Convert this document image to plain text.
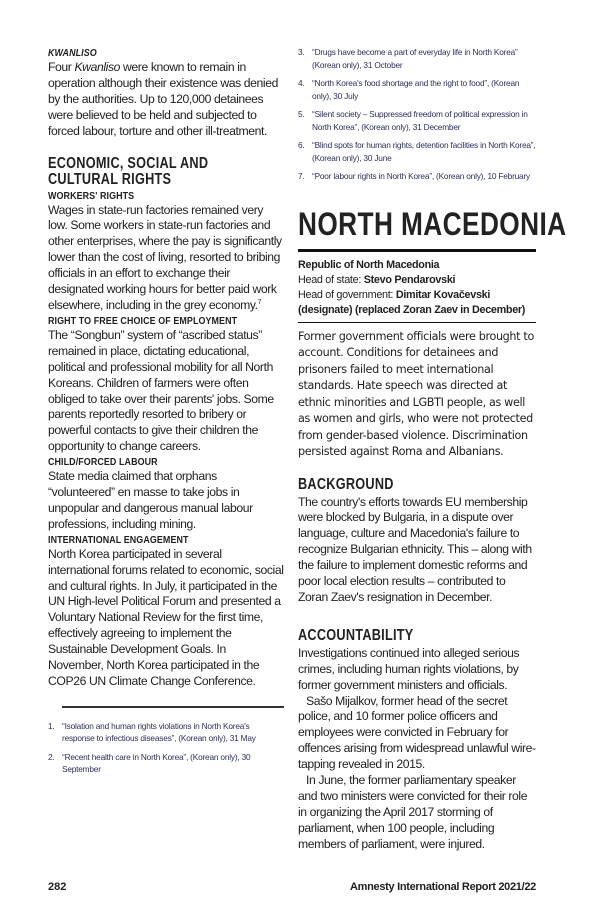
KWANLISO

Four Kwanliso were known to remain in operation although their existence was denied by the authorities. Up to 120,000 detainees were believed to be held and subjected to forced labour, torture and other ill-treatment.

ECONOMIC, SOCIAL AND CULTURAL RIGHTS
WORKERS' RIGHTS

Wages in state-run factories remained very low. Some workers in state-run factories and other enterprises, where the pay is significantly lower than the cost of living, resorted to bribing officials in an effort to exchange their designated working hours for better paid work elsewhere, including in the grey economy.$^7$

RIGHT TO FREE CHOICE OF EMPLOYMENT

The “Songbun” system of “ascribed status” remained in place, dictating educational, political and professional mobility for all North Koreans. Children of farmers were often obliged to take over their parents' jobs. Some parents reportedly resorted to bribery or powerful contacts to give their children the opportunity to change careers.

CHILD/FORCED LABOUR

State media claimed that orphans “volunteered” en masse to take jobs in unpopular and dangerous manual labour professions, including mining.

INTERNATIONAL ENGAGEMENT

North Korea participated in several international forums related to economic, social and cultural rights. In July, it participated in the UN High-level Political Forum and presented a Voluntary National Review for the first time, effectively agreeing to implement the Sustainable Development Goals. In November, North Korea participated in the COP26 UN Climate Change Conference.

1. “Isolation and human rights violations in North Korea's response to infectious diseases”, (Korean only), 31 May
2. “Recent health care in North Korea”, (Korean only), 30 September
3. “Drugs have become a part of everyday life in North Korea” (Korean only), 31 October
4. “North Korea's food shortage and the right to food”, (Korean only), 30 July
5. “Silent society – Suppressed freedom of political expression in North Korea”, (Korean only), 31 December
6. “Blind spots for human rights, detention facilities in North Korea”, (Korean only), 30 June
7. “Poor labour rights in North Korea”, (Korean only), 10 February
NORTH MACEDONIA
Republic of North Macedonia
Head of state: Stevo Pendarovski
Head of government: Dimitar Kovačevski (designate) (replaced Zoran Zaev in December)

Former government officials were brought to account. Conditions for detainees and prisoners failed to meet international standards. Hate speech was directed at ethnic minorities and LGBTI people, as well as women and girls, who were not protected from gender-based violence. Discrimination persisted against Roma and Albanians.

BACKGROUND

The country's efforts towards EU membership were blocked by Bulgaria, in a dispute over language, culture and Macedonia's failure to recognize Bulgarian ethnicity. This – along with the failure to implement domestic reforms and poor local election results – contributed to Zoran Zaev's resignation in December.

ACCOUNTABILITY

Investigations continued into alleged serious crimes, including human rights violations, by former government ministers and officials.

Sašo Mijalkov, former head of the secret police, and 10 former police officers and employees were convicted in February for offences arising from widespread unlawful wire-tapping revealed in 2015.

In June, the former parliamentary speaker and two ministers were convicted for their role in organizing the April 2017 storming of parliament, when 100 people, including members of parliament, were injured.

282	Amnesty International Report 2021/22
